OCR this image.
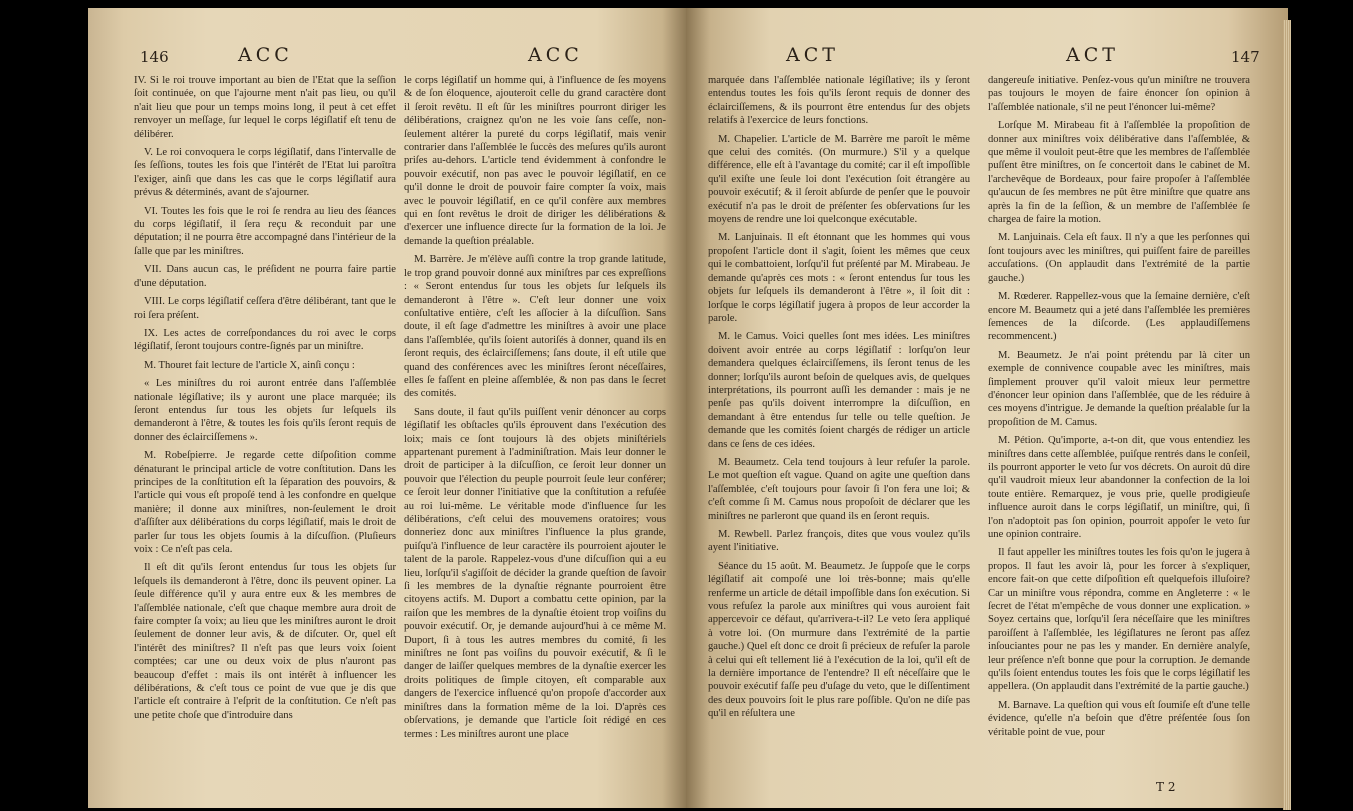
146	ACC	ACC

IV. Si le roi trouve important au bien de l'Etat que la seſſion ſoit continuée, on que l'ajourne ment n'ait pas lieu, ou qu'il n'ait lieu que pour un temps moins long, il peut à cet effet renvoyer un meſſage, ſur lequel le corps légiſlatif eſt tenu de délibérer.

V. Le roi convoquera le corps légiſlatif, dans l'intervalle de ſes ſeſſions, toutes les fois que l'intérêt de l'Etat lui paroîtra l'exiger, ainſi que dans les cas que le corps légiſlatif aura prévus & déterminés, avant de s'ajourner.

VI. Toutes les fois que le roi ſe rendra au lieu des ſéances du corps légiſlatif, il ſera reçu & reconduit par une députation; il ne pourra être accompagné dans l'intérieur de la ſalle que par les miniſtres.

VII. Dans aucun cas, le préſident ne pourra faire partie d'une députation.

VIII. Le corps légiſlatif ceſſera d'être délibérant, tant que le roi ſera préſent.

IX. Les actes de correſpondances du roi avec le corps légiſlatif, ſeront toujours contre-ſignés par un miniſtre.

M. Thouret fait lecture de l'article X, ainſi conçu :

« Les miniſtres du roi auront entrée dans l'aſſemblée nationale légiſlative; ils y auront une place marquée; ils ſeront entendus ſur tous les objets ſur leſquels ils demanderont à l'être, & toutes les fois qu'ils ſeront requis de donner des éclairciſſemens ».

M. Robeſpierre. Je regarde cette diſpoſition comme dénaturant le principal article de votre conſtitution. Dans les principes de la conſtitution eſt la ſéparation des pouvoirs, & l'article qui vous eſt propoſé tend à les confondre en quelque manière; il donne aux miniſtres, non-ſeulement le droit d'aſſiſter aux délibérations du corps légiſlatif, mais le droit de parler ſur tous les objets ſoumis à la diſcuſſion. (Pluſieurs voix : Ce n'eſt pas cela.

Il eſt dit qu'ils ſeront entendus ſur tous les objets ſur leſquels ils demanderont à l'être, donc ils peuvent opiner. La ſeule différence qu'il y aura entre eux & les membres de l'aſſemblée nationale, c'eſt que chaque membre aura droit de faire compter ſa voix; au lieu que les miniſtres auront le droit ſeulement de donner leur avis, & de diſcuter. Or, quel eſt l'intérêt des miniſtres? Il n'eſt pas que leurs voix ſoient comptées; car une ou deux voix de plus n'auront pas beaucoup d'effet : mais ils ont intérêt à influencer les délibérations, & c'eſt tous ce point de vue que je dis que l'article eſt contraire à l'eſprit de la conſtitution. Ce n'eſt pas une petite choſe que d'introduire dans

le corps légiſlatif un homme qui, à l'influence de ſes moyens & de ſon éloquence, ajouteroit celle du grand caractère dont il ſeroit revêtu. Il eſt ſûr les miniſtres pourront diriger les délibérations, craignez qu'on ne les voie ſans ceſſe, non-ſeulement altérer la pureté du corps légiſlatif, mais venir contrarier dans l'aſſemblée le ſuccès des meſures qu'ils auront priſes au-dehors. L'article tend évidemment à confondre le pouvoir exécutif, non pas avec le pouvoir légiſlatif, en ce qu'il donne le droit de pouvoir faire compter ſa voix, mais avec le pouvoir légiſlatif, en ce qu'il confère aux membres qui en ſont revêtus le droit de diriger les délibérations & d'exercer une influence directe ſur la formation de la loi. Je demande la queſtion préalable.

M. Barrère. Je m'élève auſſi contre la trop grande latitude, le trop grand pouvoir donné aux miniſtres par ces expreſſions : « Seront entendus ſur tous les objets ſur leſquels ils demanderont à l'être ». C'eſt leur donner une voix conſultative entière, c'eſt les aſſocier à la diſcuſſion. Sans doute, il eſt ſage d'admettre les miniſtres à avoir une place dans l'aſſemblée, qu'ils ſoient autoriſés à donner, quand ils en ſeront requis, des éclairciſſemens; ſans doute, il eſt utile que quand des conférences avec les miniſtres ſeront néceſſaires, elles ſe faſſent en pleine aſſemblée, & non pas dans le ſecret des comités.

Sans doute, il faut qu'ils puiſſent venir dénoncer au corps légiſlatif les obſtacles qu'ils éprouvent dans l'exécution des loix; mais ce ſont toujours là des objets miniſtériels appartenant purement à l'adminiſtration. Mais leur donner le droit de participer à la diſcuſſion, ce ſeroit leur donner un pouvoir que l'élection du peuple pourroit ſeule leur conférer; ce ſeroit leur donner l'initiative que la conſtitution a refuſée au roi lui-même. Le véritable mode d'influence ſur les délibérations, c'eſt celui des mouvemens oratoires; vous donneriez donc aux miniſtres l'influence la plus grande, puiſqu'à l'influence de leur caractère ils pourroient ajouter le talent de la parole. Rappelez-vous d'une diſcuſſion qui a eu lieu, lorſqu'il s'agiſſoit de décider la grande queſtion de ſavoir ſi les membres de la dynaſtie régnante pourroient être citoyens actifs. M. Duport a combattu cette opinion, par la raiſon que les membres de la dynaſtie étoient trop voiſins du pouvoir exécutif. Or, je demande aujourd'hui à ce même M. Duport, ſi à tous les autres membres du comité, ſi les miniſtres ne ſont pas voiſins du pouvoir exécutif, & ſi le danger de laiſſer quelques membres de la dynaſtie exercer les droits politiques de ſimple citoyen, eſt comparable aux dangers de l'exercice influencé qu'on propoſe d'accorder aux miniſtres dans la formation même de la loi. D'après ces obſervations, je demande que l'article ſoit rédigé en ces termes : Les miniſtres auront une place

ACT	ACT	147

marquée dans l'aſſemblée nationale légiſlative; ils y ſeront entendus toutes les fois qu'ils ſeront requis de donner des éclairciſſemens, & ils pourront être entendus ſur des objets relatifs à l'exercice de leurs fonctions.

M. Chapelier. L'article de M. Barrère me paroît le même que celui des comités. (On murmure.) S'il y a quelque différence, elle eſt à l'avantage du comité; car il eſt impoſſible qu'il exiſte une ſeule loi dont l'exécution ſoit étrangère au pouvoir exécutif; & il ſeroit abſurde de penſer que le pouvoir exécutif n'a pas le droit de préſenter ſes obſervations ſur les moyens de rendre une loi quelconque exécutable.

M. Lanjuinais. Il eſt étonnant que les hommes qui vous propoſent l'article dont il s'agit, ſoient les mêmes que ceux qui le combattoient, lorſqu'il fut préſenté par M. Mirabeau. Je demande qu'après ces mots : « ſeront entendus ſur tous les objets ſur leſquels ils demanderont à l'être », il ſoit dit : lorſque le corps légiſlatif jugera à propos de leur accorder la parole.

M. le Camus. Voici quelles ſont mes idées. Les miniſtres doivent avoir entrée au corps légiſlatif : lorſqu'on leur demandera quelques éclairciſſemens, ils ſeront tenus de les donner; lorſqu'ils auront beſoin de quelques avis, de quelques interprétations, ils pourront auſſi les demander : mais je ne penſe pas qu'ils doivent interrompre la diſcuſſion, en demandant à être entendus ſur telle ou telle queſtion. Je demande que les comités ſoient chargés de rédiger un article dans ce ſens de ces idées.

M. Beaumetz. Cela tend toujours à leur refuſer la parole. Le mot queſtion eſt vague. Quand on agite une queſtion dans l'aſſemblée, c'eſt toujours pour ſavoir ſi l'on fera une loi; & c'eſt comme ſi M. Camus nous propoſoit de déclarer que les miniſtres ne parleront que quand ils en ſeront requis.

M. Rewbell. Parlez françois, dites que vous voulez qu'ils ayent l'initiative.

Séance du 15 août. M. Beaumetz. Je ſuppoſe que le corps légiſlatif ait compoſé une loi très-bonne; mais qu'elle renferme un article de détail impoſſible dans ſon exécution. Si vous refuſez la parole aux miniſtres qui vous auroient fait appercevoir ce défaut, qu'arrivera-t-il? Le veto ſera appliqué à votre loi. (On murmure dans l'extrémité de la partie gauche.) Quel eſt donc ce droit ſi précieux de refuſer la parole à celui qui eſt tellement lié à l'exécution de la loi, qu'il eſt de la dernière importance de l'entendre? Il eſt néceſſaire que le pouvoir exécutif faſſe peu d'uſage du veto, que le diſſentiment des deux pouvoirs ſoit le plus rare poſſible. Qu'on ne diſe pas qu'il en réſultera une

dangereuſe initiative. Penſez-vous qu'un miniſtre ne trouvera pas toujours le moyen de faire énoncer ſon opinion à l'aſſemblée nationale, s'il ne peut l'énoncer lui-même?

Lorſque M. Mirabeau fit à l'aſſemblée la propoſition de donner aux miniſtres voix délibérative dans l'aſſemblée, & que même il vouloit peut-être que les membres de l'aſſemblée puſſent être miniſtres, on ſe concertoit dans le cabinet de M. l'archevêque de Bordeaux, pour faire propoſer à l'aſſemblée qu'aucun de ſes membres ne pût être miniſtre que quatre ans après la fin de la ſeſſion, & un membre de l'aſſemblée ſe chargea de faire la motion.

M. Lanjuinais. Cela eſt faux. Il n'y a que les perſonnes qui ſont toujours avec les miniſtres, qui puiſſent faire de pareilles accuſations. (On applaudit dans l'extrémité de la partie gauche.)

M. Rœderer. Rappellez-vous que la ſemaine dernière, c'eſt encore M. Beaumetz qui a jeté dans l'aſſemblée les premières ſemences de la diſcorde. (Les applaudiſſemens recommencent.)

M. Beaumetz. Je n'ai point prétendu par là citer un exemple de connivence coupable avec les miniſtres, mais ſimplement prouver qu'il valoit mieux leur permettre d'énoncer leur opinion dans l'aſſemblée, que de les réduire à ces moyens d'intrigue. Je demande la queſtion préalable ſur la propoſition de M. Camus.

M. Pétion. Qu'importe, a-t-on dit, que vous entendiez les miniſtres dans cette aſſemblée, puiſque rentrés dans le conſeil, ils pourront apporter le veto ſur vos décrets. On auroit dû dire qu'il vaudroit mieux leur abandonner la confection de la loi toute entière. Remarquez, je vous prie, quelle prodigieuſe influence auroit dans le corps légiſlatif, un miniſtre, qui, ſi l'on n'adoptoit pas ſon opinion, pourroit appoſer le veto ſur une opinion contraire.

Il faut appeller les miniſtres toutes les fois qu'on le jugera à propos. Il faut les avoir là, pour les forcer à s'expliquer, encore fait-on que cette diſpoſition eſt quelquefois illuſoire? Car un miniſtre vous répondra, comme en Angleterre : « le ſecret de l'état m'empêche de vous donner une explication. » Soyez certains que, lorſqu'il ſera néceſſaire que les miniſtres paroiſſent à l'aſſemblée, les légiſlatures ne ſeront pas aſſez inſouciantes pour ne pas les y mander. En dernière analyſe, leur préſence n'eſt bonne que pour la corruption. Je demande qu'ils ſoient entendus toutes les fois que le corps légiſlatif les appellera. (On applaudit dans l'extrémité de la partie gauche.)

M. Barnave. La queſtion qui vous eſt ſoumiſe eſt d'une telle évidence, qu'elle n'a beſoin que d'être préſentée ſous ſon véritable point de vue, pour

T 2
